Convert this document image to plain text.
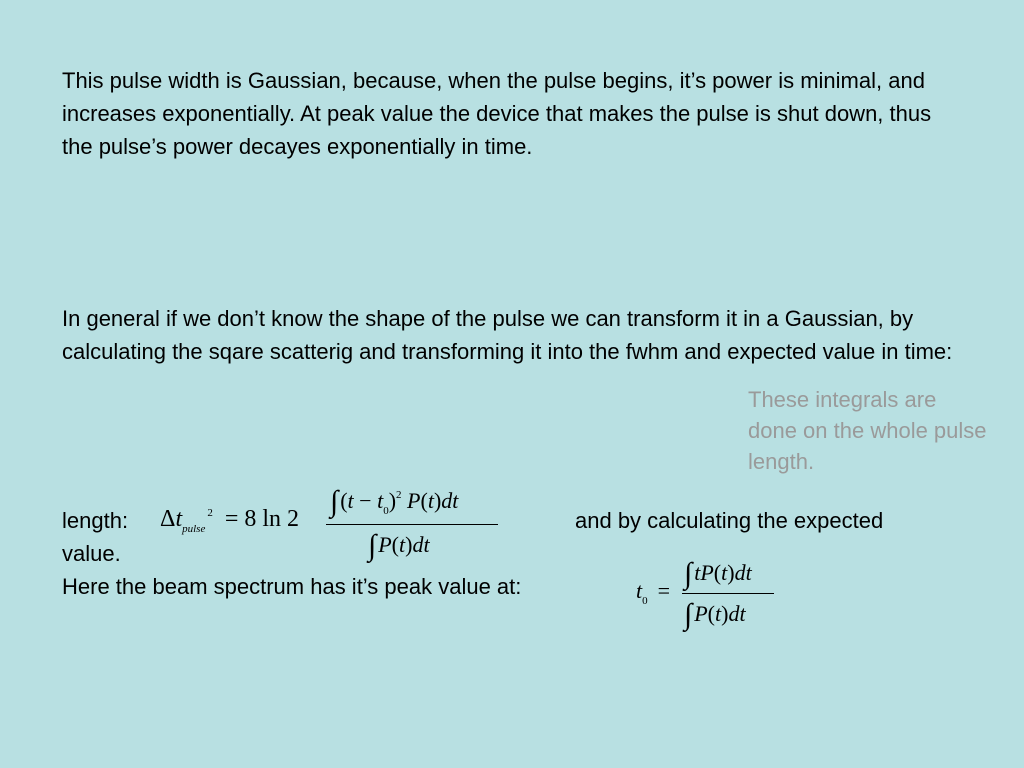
This pulse width is Gaussian, because, when the pulse begins, it’s power is minimal, and increases exponentially. At peak value the device that makes the pulse is shut down, thus the pulse’s power decayes exponentially in time.

In general if we don’t know the shape of the pulse we can transform it in a Gaussian, by calculating the sqare scatterig and transforming it into the fwhm and expected value in time:

These integrals are done on the whole pulse length.
length:	and by calculating the expected
value.
Here the beam spectrum has it’s peak value at:
$\Delta t_{pulse}^2 = 8$ ln 2
$\int(t - t_0)^2$ P(t)dt
∫P(t)dt
$t_0$ =
∫tP(t)dt
∫P(t)dt
